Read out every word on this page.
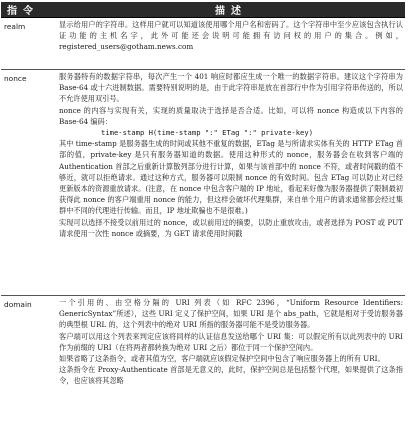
指令	描述
realm	显示给用户的字符串。这样用户就可以知道该使用哪个用户名和密码了。这个字符串中至少应该包含执行认证功能的主机名字，此外可能还会说明可能拥有访问权的用户的集合。例如，registered_users@gotham.news.com

nonce	服务器特有的数据字符串，每次产生一个 401 响应时都应生成一个唯一的数据字符串。建议这个字符串为 Base-64 或十六进制数据。需要特别说明的是，由于此字符串是放在首部行中作为引用字符串传送的，所以不允许使用双引号。

nonce 的内容与实现有关，实现的质量取决于选择是否合适。比如，可以将 nonce 构造成以下内容的 Base-64 编码：

time-stamp H(time-stamp ":" ETag ":" private-key)

其中 time-stamp 是服务器生成的时间或其他不重复的数据，ETag 是与所请求实体有关的 HTTP ETag 首部的值，private-key 是只有服务器知道的数据。使用这种形式的 nonce，服务器会在收到客户端的 Authentication 首部之后重新计算散列部分进行计算，如果与该首部中的 nonce 不符，或者时间戳的值不够近，就可以拒绝请求。通过这种方式，服务器可以限制 nonce 的有效时间。包含 ETag 可以防止对已经更新版本的资源重放请求。(注意，在 nonce 中包含客户端的 IP 地址，看起来好像为服务器提供了限制最初获得此 nonce 的客户端重用 nonce 的能力，但这样会破坏代理集群，来自单个用户的请求通常都会经过集群中不同的代理进行传输。而且，IP 地址欺骗也不是很难。)

实现可以选择不接受以前用过的 nonce，或以前用过的摘要，以防止重放攻击，或者选择为 POST 或 PUT 请求使用一次性 nonce 或摘要，为 GET 请求使用时间戳

domain	一个引用的、由空格分隔的 URI 列表（如 RFC 2396，“Uniform Resource Identifiers: GenericSyntax”所述），这些 URI 定义了保护空间，如果 URI 是个 abs_path，它就是相对于受访服务器的典型根 URL 的，这个列表中的绝对 URI 所指的服务器可能不是受访服务器。

客户端可以用这个列表来判定应该将同样的认证信息发送给哪个 URI 集：可以假定所有以此列表中的 URI 作为前缀的 URI（在将两者都转换为绝对 URI 之后）都位于同一个保护空间内。

如果省略了这条指令，或者其值为空，客户端就应该假定保护空间中包含了响应服务器上的所有 URI。

这条指令在 Proxy-Authenticate 首部是无意义的，此时，保护空间总是包括整个代理，如果提供了这条指令，也应该将其忽略
